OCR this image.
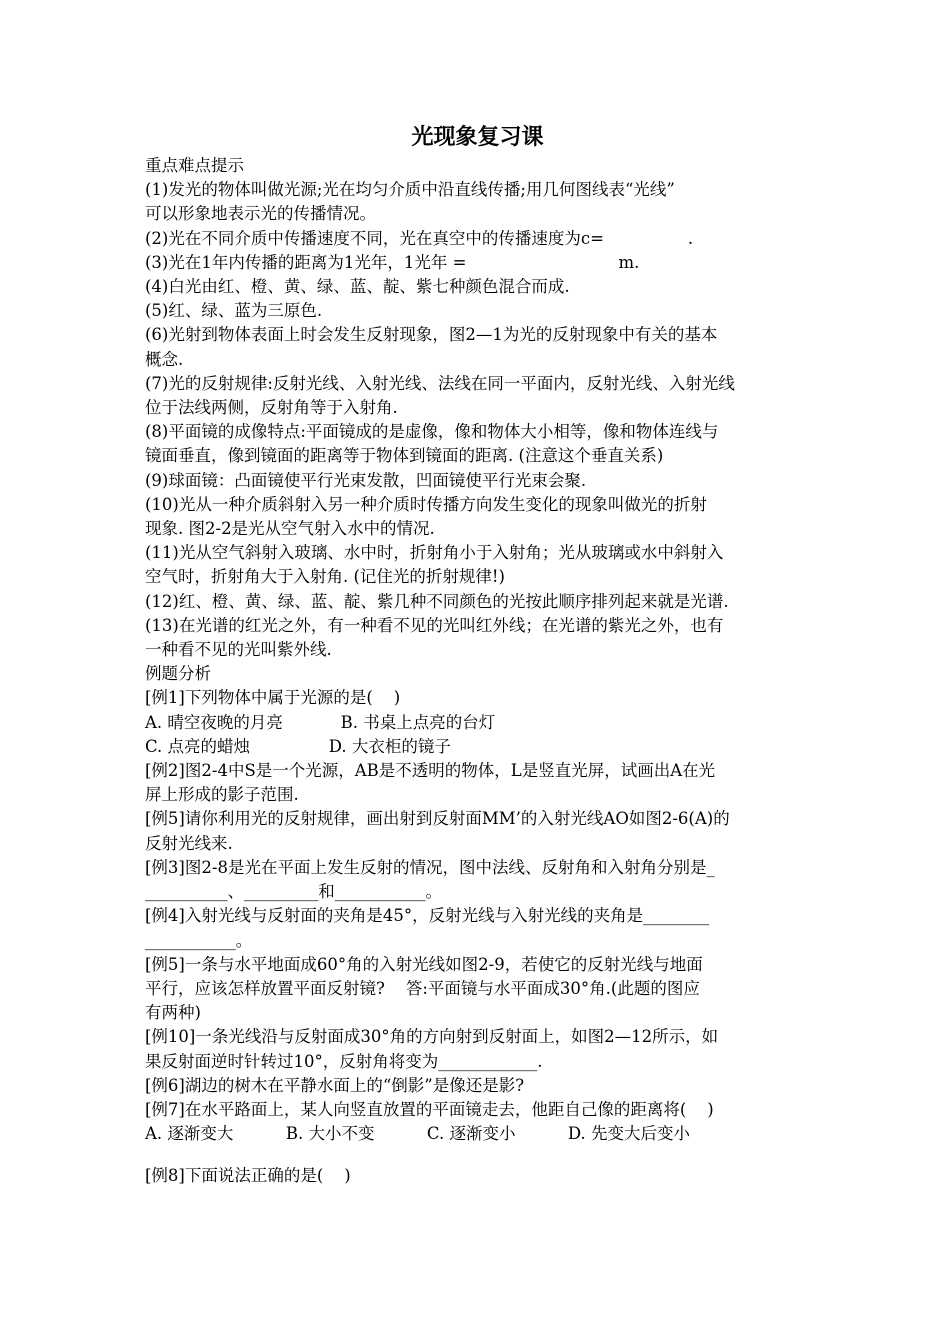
光现象复习课
重点难点提示
(1)发光的物体叫做光源;光在均匀介质中沿直线传播;用几何图线表“光线”
可以形象地表示光的传播情况。
(2)光在不同介质中传播速度不同，光在真空中的传播速度为c=                .
(3)光在1年内传播的距离为1光年，1光年 =                             m.
(4)白光由红、橙、黄、绿、蓝、靛、紫七种颜色混合而成.
(5)红、绿、蓝为三原色.
(6)光射到物体表面上时会发生反射现象，图2—1为光的反射现象中有关的基本
概念.
(7)光的反射规律:反射光线、入射光线、法线在同一平面内，反射光线、入射光线
位于法线两侧，反射角等于入射角.
(8)平面镜的成像特点:平面镜成的是虚像，像和物体大小相等，像和物体连线与
镜面垂直，像到镜面的距离等于物体到镜面的距离. (注意这个垂直关系)
(9)球面镜：凸面镜使平行光束发散，凹面镜使平行光束会聚.
(10)光从一种介质斜射入另一种介质时传播方向发生变化的现象叫做光的折射
现象. 图2-2是光从空气射入水中的情况.
(11)光从空气斜射入玻璃、水中时，折射角小于入射角；光从玻璃或水中斜射入
空气时，折射角大于入射角. (记住光的折射规律!)
(12)红、橙、黄、绿、蓝、靛、紫几种不同颜色的光按此顺序排列起来就是光谱.
(13)在光谱的红光之外，有一种看不见的光叫红外线；在光谱的紫光之外，也有
一种看不见的光叫紫外线.
例题分析
[例1]下列物体中属于光源的是(    )
A. 晴空夜晚的月亮           B. 书桌上点亮的台灯
C. 点亮的蜡烛               D. 大衣柜的镜子
[例2]图2-4中S是一个光源，AB是不透明的物体，L是竖直光屏，试画出A在光
屏上形成的影子范围.
[例5]请你利用光的反射规律，画出射到反射面MM’的入射光线AO如图2-6(A)的
反射光线来.
[例3]图2-8是光在平面上发生反射的情况，图中法线、反射角和入射角分别是_
__________、_________和___________。
[例4]入射光线与反射面的夹角是45°，反射光线与入射光线的夹角是________
___________。
[例5]一条与水平地面成60°角的入射光线如图2-9，若使它的反射光线与地面
平行，应该怎样放置平面反射镜?    答:平面镜与水平面成30°角.(此题的图应
有两种)
[例10]一条光线沿与反射面成30°角的方向射到反射面上，如图2—12所示，如
果反射面逆时针转过10°，反射角将变为____________.
[例6]湖边的树木在平静水面上的“倒影”是像还是影?
[例7]在水平路面上，某人向竖直放置的平面镜走去，他距自己像的距离将(    )
A. 逐渐变大          B. 大小不变          C. 逐渐变小          D. 先变大后变小
[例8]下面说法正确的是(    )
